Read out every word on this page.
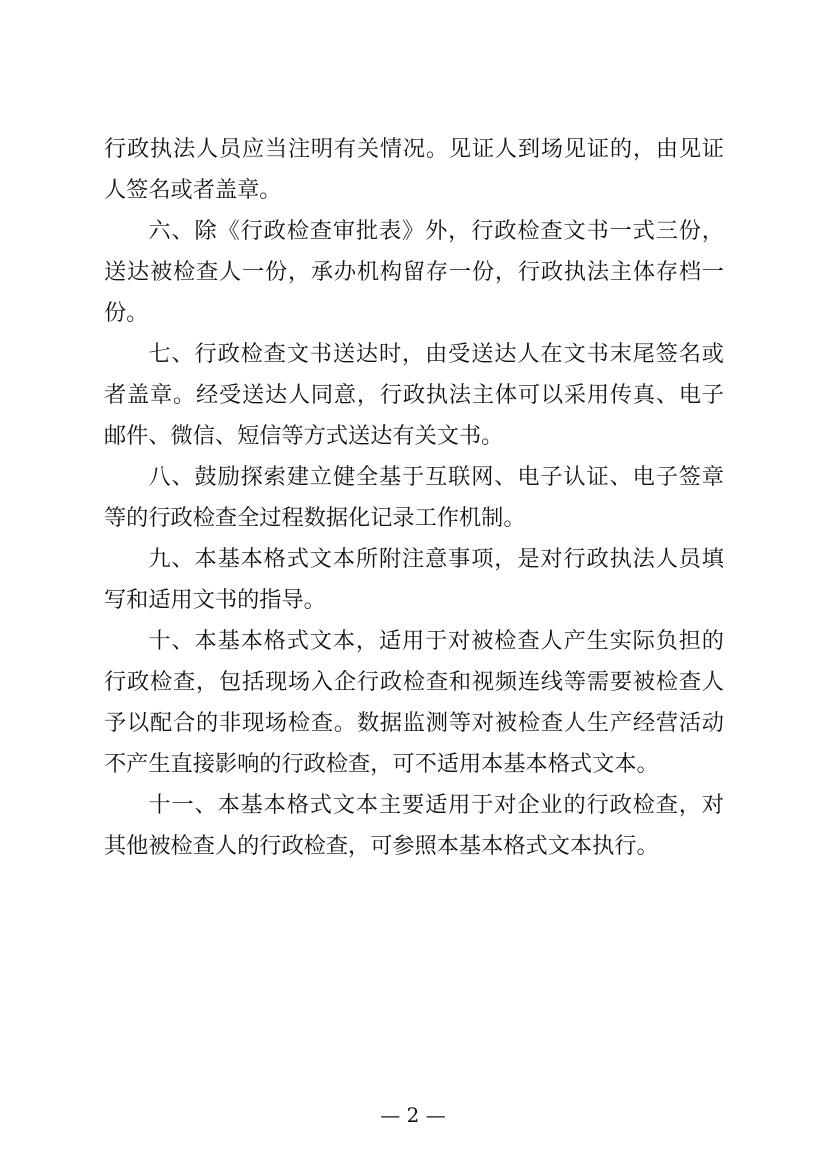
行政执法人员应当注明有关情况。见证人到场见证的，由见证人签名或者盖章。

六、除《行政检查审批表》外，行政检查文书一式三份，送达被检查人一份，承办机构留存一份，行政执法主体存档一份。

七、行政检查文书送达时，由受送达人在文书末尾签名或者盖章。经受送达人同意，行政执法主体可以采用传真、电子邮件、微信、短信等方式送达有关文书。

八、鼓励探索建立健全基于互联网、电子认证、电子签章等的行政检查全过程数据化记录工作机制。

九、本基本格式文本所附注意事项，是对行政执法人员填写和适用文书的指导。

十、本基本格式文本，适用于对被检查人产生实际负担的行政检查，包括现场入企行政检查和视频连线等需要被检查人予以配合的非现场检查。数据监测等对被检查人生产经营活动不产生直接影响的行政检查，可不适用本基本格式文本。

十一、本基本格式文本主要适用于对企业的行政检查，对其他被检查人的行政检查，可参照本基本格式文本执行。

— 2 —
